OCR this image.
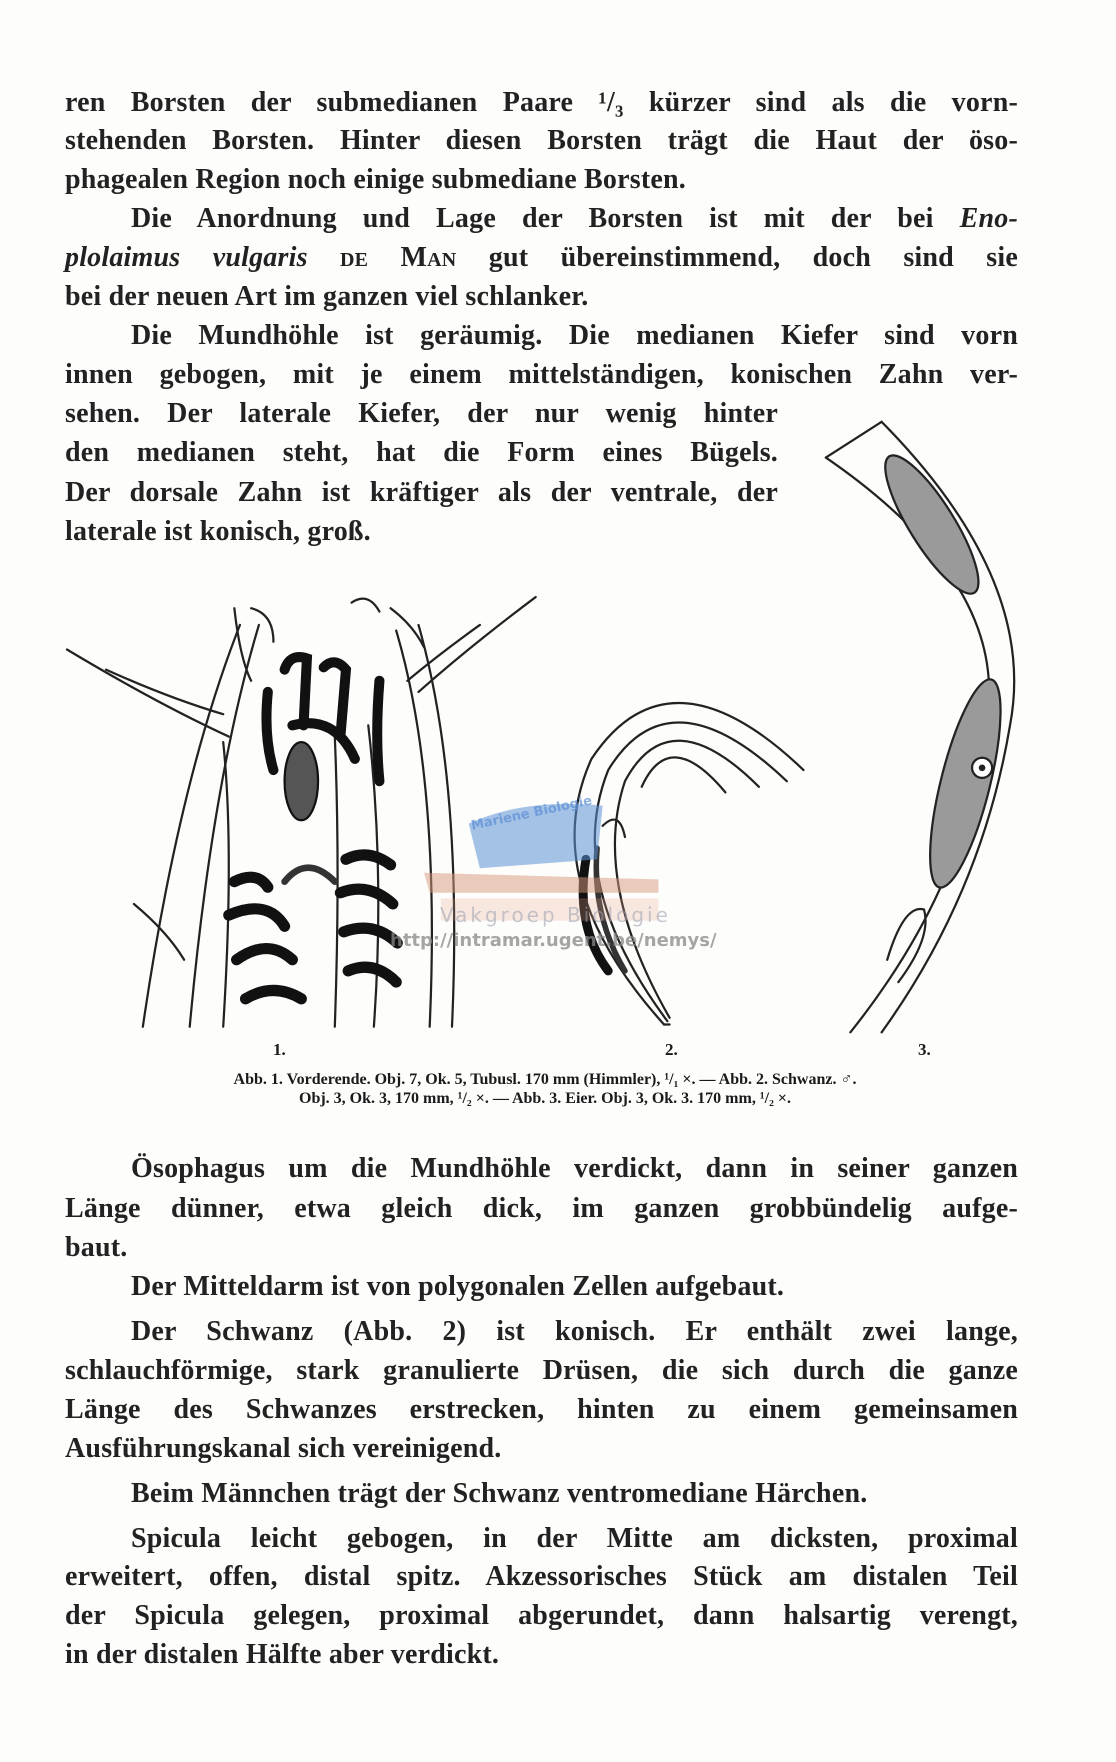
ren Borsten der submedianen Paare ¹/₃ kürzer sind als die vorn-
stehenden Borsten. Hinter diesen Borsten trägt die Haut der öso-
phagealen Region noch einige submediane Borsten.
Die Anordnung und Lage der Borsten ist mit der bei Eno-
plolaimus vulgaris de Man gut übereinstimmend, doch sind sie
bei der neuen Art im ganzen viel schlanker.
Die Mundhöhle ist geräumig. Die medianen Kiefer sind vorn
innen gebogen, mit je einem mittelständigen, konischen Zahn ver-
sehen. Der laterale Kiefer, der nur wenig hinter
den medianen steht, hat die Form eines Bügels.
Der dorsale Zahn ist kräftiger als der ventrale, der
laterale ist konisch, groß.
Mariene Biologie
Vakgroep Biologie
http://intramar.ugent.be/nemys/
1.	2.	3.
Abb. 1. Vorderende. Obj. 7, Ok. 5, Tubusl. 170 mm (Himmler), ¹/₁ ×. — Abb. 2. Schwanz. ♂.
Obj. 3, Ok. 3, 170 mm, ¹/₂ ×. — Abb. 3. Eier. Obj. 3, Ok. 3. 170 mm, ¹/₂ ×.
Ösophagus um die Mundhöhle verdickt, dann in seiner ganzen
Länge dünner, etwa gleich dick, im ganzen grobbündelig aufge-
baut.
Der Mitteldarm ist von polygonalen Zellen aufgebaut.
Der Schwanz (Abb. 2) ist konisch. Er enthält zwei lange,
schlauchförmige, stark granulierte Drüsen, die sich durch die ganze
Länge des Schwanzes erstrecken, hinten zu einem gemeinsamen
Ausführungskanal sich vereinigend.
Beim Männchen trägt der Schwanz ventromediane Härchen.
Spicula leicht gebogen, in der Mitte am dicksten, proximal
erweitert, offen, distal spitz. Akzessorisches Stück am distalen Teil
der Spicula gelegen, proximal abgerundet, dann halsartig verengt,
in der distalen Hälfte aber verdickt.
